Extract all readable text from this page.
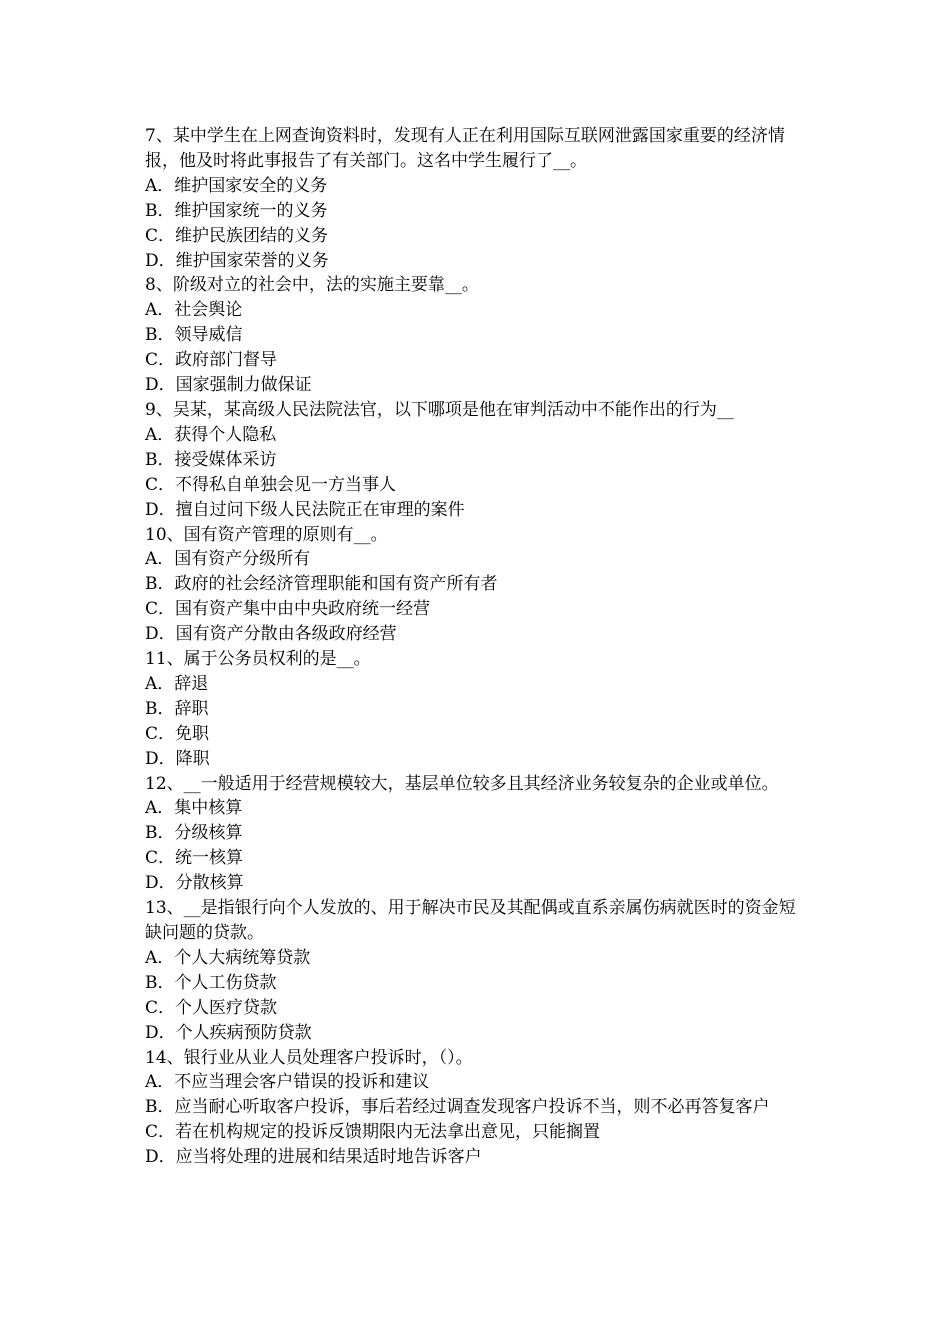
7、某中学生在上网查询资料时，发现有人正在利用国际互联网泄露国家重要的经济情报，他及时将此事报告了有关部门。这名中学生履行了__。

A．维护国家安全的义务

B．维护国家统一的义务

C．维护民族团结的义务

D．维护国家荣誉的义务

8、阶级对立的社会中，法的实施主要靠__。

A．社会舆论

B．领导威信

C．政府部门督导

D．国家强制力做保证

9、吴某，某高级人民法院法官，以下哪项是他在审判活动中不能作出的行为__

A．获得个人隐私

B．接受媒体采访

C．不得私自单独会见一方当事人

D．擅自过问下级人民法院正在审理的案件

10、国有资产管理的原则有__。

A．国有资产分级所有

B．政府的社会经济管理职能和国有资产所有者

C．国有资产集中由中央政府统一经营

D．国有资产分散由各级政府经营

11、属于公务员权利的是__。

A．辞退

B．辞职

C．免职

D．降职

12、__一般适用于经营规模较大，基层单位较多且其经济业务较复杂的企业或单位。

A．集中核算

B．分级核算

C．统一核算

D．分散核算

13、__是指银行向个人发放的、用于解决市民及其配偶或直系亲属伤病就医时的资金短缺问题的贷款。

A．个人大病统筹贷款

B．个人工伤贷款

C．个人医疗贷款

D．个人疾病预防贷款

14、银行业从业人员处理客户投诉时，（）。

A．不应当理会客户错误的投诉和建议

B．应当耐心听取客户投诉，事后若经过调查发现客户投诉不当，则不必再答复客户

C．若在机构规定的投诉反馈期限内无法拿出意见，只能搁置

D．应当将处理的进展和结果适时地告诉客户
